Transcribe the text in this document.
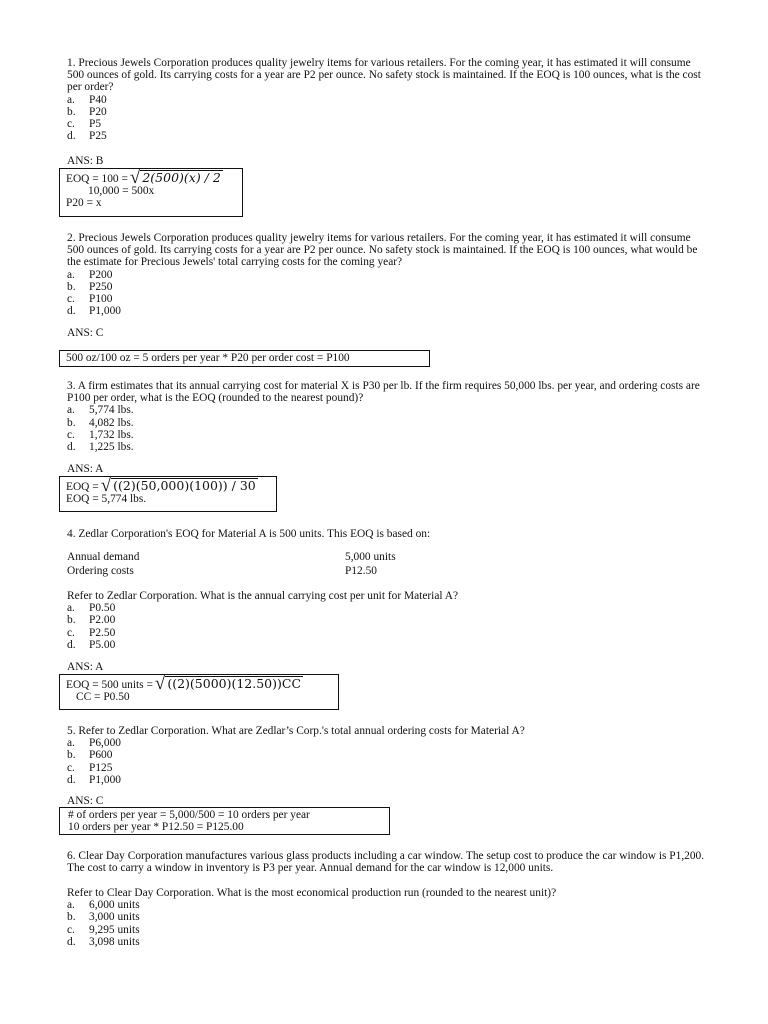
1. Precious Jewels Corporation produces quality jewelry items for various retailers. For the coming year, it has estimated it will consume 500 ounces of gold. Its carrying costs for a year are P2 per ounce. No safety stock is maintained. If the EOQ is 100 ounces, what is the cost per order?

a.	P40
b.	P20
c.	P5
d.	P25
ANS: B
EOQ = 100 = √ 2(500)(x) / 2
10,000 = 500x
P20 = x

2. Precious Jewels Corporation produces quality jewelry items for various retailers. For the coming year, it has estimated it will consume 500 ounces of gold. Its carrying costs for a year are P2 per ounce. No safety stock is maintained. If the EOQ is 100 ounces, what would be the estimate for Precious Jewels' total carrying costs for the coming year?

a.	P200
b.	P250
c.	P100
d.	P1,000
ANS: C
500 oz/100 oz = 5 orders per year * P20 per order cost = P100

3. A firm estimates that its annual carrying cost for material X is P30 per lb. If the firm requires 50,000 lbs. per year, and ordering costs are P100 per order, what is the EOQ (rounded to the nearest pound)?

a.	5,774 lbs.
b.	4,082 lbs.
c.	1,732 lbs.
d.	1,225 lbs.
ANS: A
EOQ = √ ((2)(50,000)(100)) / 30
EOQ = 5,774 lbs.
4. Zedlar Corporation's EOQ for Material A is 500 units. This EOQ is based on:
Annual demand	5,000 units
Ordering costs	P12.50

Refer to Zedlar Corporation. What is the annual carrying cost per unit for Material A?

a.	P0.50
b.	P2.00
c.	P2.50
d.	P5.00
ANS: A
EOQ = 500 units = √ ((2)(5000)(12.50))CC
CC = P0.50

5. Refer to Zedlar Corporation. What are Zedlar’s Corp.'s total annual ordering costs for Material A?

a.	P6,000
b.	P600
c.	P125
d.	P1,000
ANS: C
# of orders per year = 5,000/500 = 10 orders per year
10 orders per year * P12.50 = P125.00
6. Clear Day Corporation manufactures various glass products including a car window. The setup cost to produce the car window is P1,200. The cost to carry a window in inventory is P3 per year. Annual demand for the car window is 12,000 units.

Refer to Clear Day Corporation. What is the most economical production run (rounded to the nearest unit)?

a.	6,000 units
b.	3,000 units
c.	9,295 units
d.	3,098 units
